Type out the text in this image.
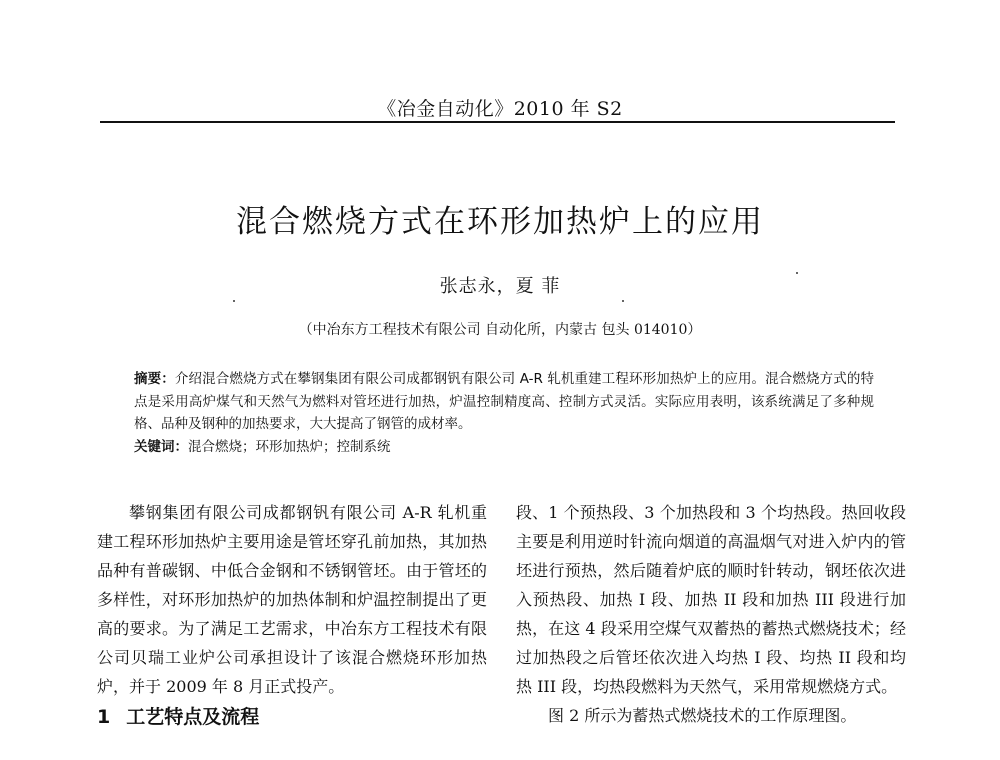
《冶金自动化》2010 年 S2
混合燃烧方式在环形加热炉上的应用
张志永，夏 菲
（中冶东方工程技术有限公司 自动化所，内蒙古 包头 014010）

摘要：介绍混合燃烧方式在攀钢集团有限公司成都钢钒有限公司 A-R 轧机重建工程环形加热炉上的应用。混合燃烧方式的特点是采用高炉煤气和天然气为燃料对管坯进行加热，炉温控制精度高、控制方式灵活。实际应用表明，该系统满足了多种规格、品种及钢种的加热要求，大大提高了钢管的成材率。

关键词：混合燃烧；环形加热炉；控制系统

攀钢集团有限公司成都钢钒有限公司 A-R 轧机重建工程环形加热炉主要用途是管坯穿孔前加热，其加热品种有普碳钢、中低合金钢和不锈钢管坯。由于管坯的多样性，对环形加热炉的加热体制和炉温控制提出了更高的要求。为了满足工艺需求，中冶东方工程技术有限公司贝瑞工业炉公司承担设计了该混合燃烧环形加热炉，并于 2009 年 8 月正式投产。

1 工艺特点及流程

段、1 个预热段、3 个加热段和 3 个均热段。热回收段主要是利用逆时针流向烟道的高温烟气对进入炉内的管坯进行预热，然后随着炉底的顺时针转动，钢坯依次进入预热段、加热 I 段、加热 II 段和加热 III 段进行加热，在这 4 段采用空煤气双蓄热的蓄热式燃烧技术；经过加热段之后管坯依次进入均热 I 段、均热 II 段和均热 III 段，均热段燃料为天然气，采用常规燃烧方式。

图 2 所示为蓄热式燃烧技术的工作原理图。
